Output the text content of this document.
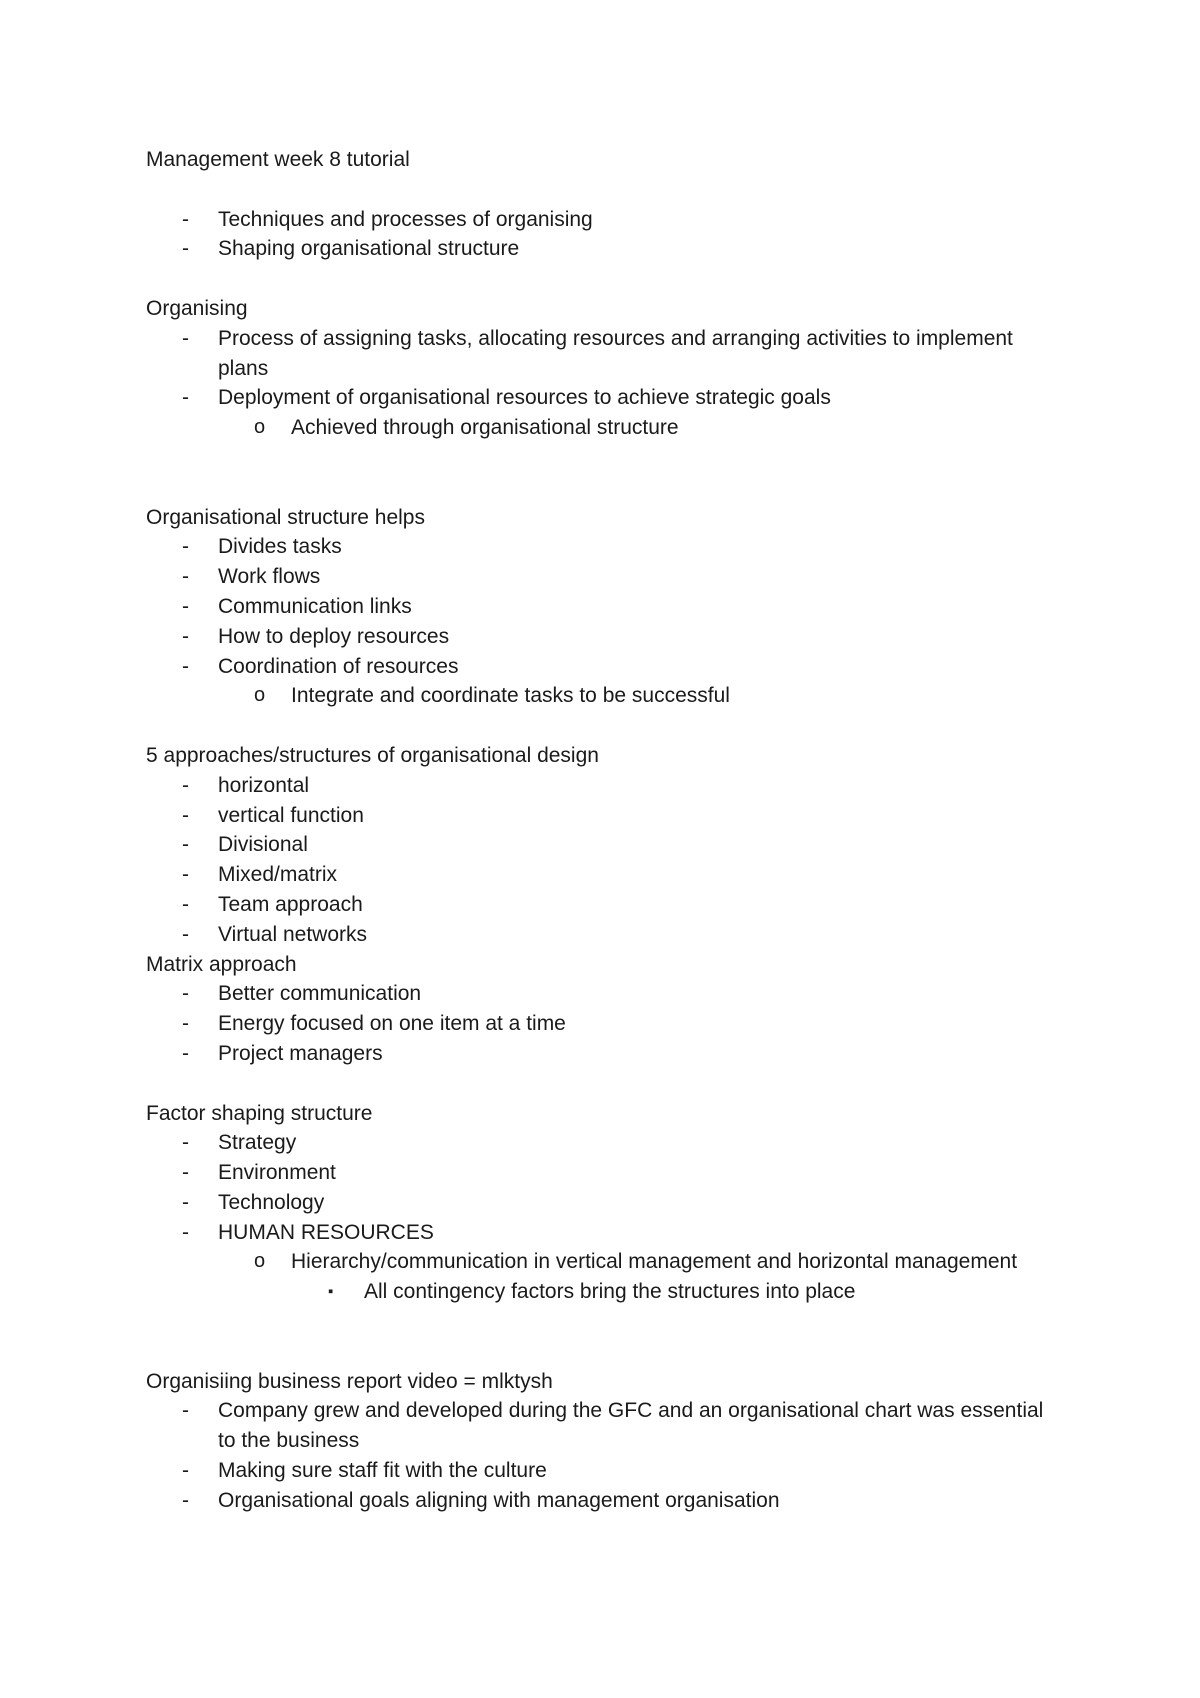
Management week 8 tutorial

- Techniques and processes of organising
- Shaping organisational structure

Organising

- Process of assigning tasks, allocating resources and arranging activities to implement plans
- Deployment of organisational resources to achieve strategic goals
o Achieved through organisational structure

Organisational structure helps

- Divides tasks
- Work flows
- Communication links
- How to deploy resources
- Coordination of resources
o Integrate and coordinate tasks to be successful

5 approaches/structures of organisational design

- horizontal
- vertical function
- Divisional
- Mixed/matrix
- Team approach
- Virtual networks

Matrix approach

- Better communication
- Energy focused on one item at a time
- Project managers

Factor shaping structure

- Strategy
- Environment
- Technology
- HUMAN RESOURCES
o Hierarchy/communication in vertical management and horizontal management
▪ All contingency factors bring the structures into place

Organisiing business report video = mlktysh

- Company grew and developed during the GFC and an organisational chart was essential to the business
- Making sure staff fit with the culture
- Organisational goals aligning with management organisation
